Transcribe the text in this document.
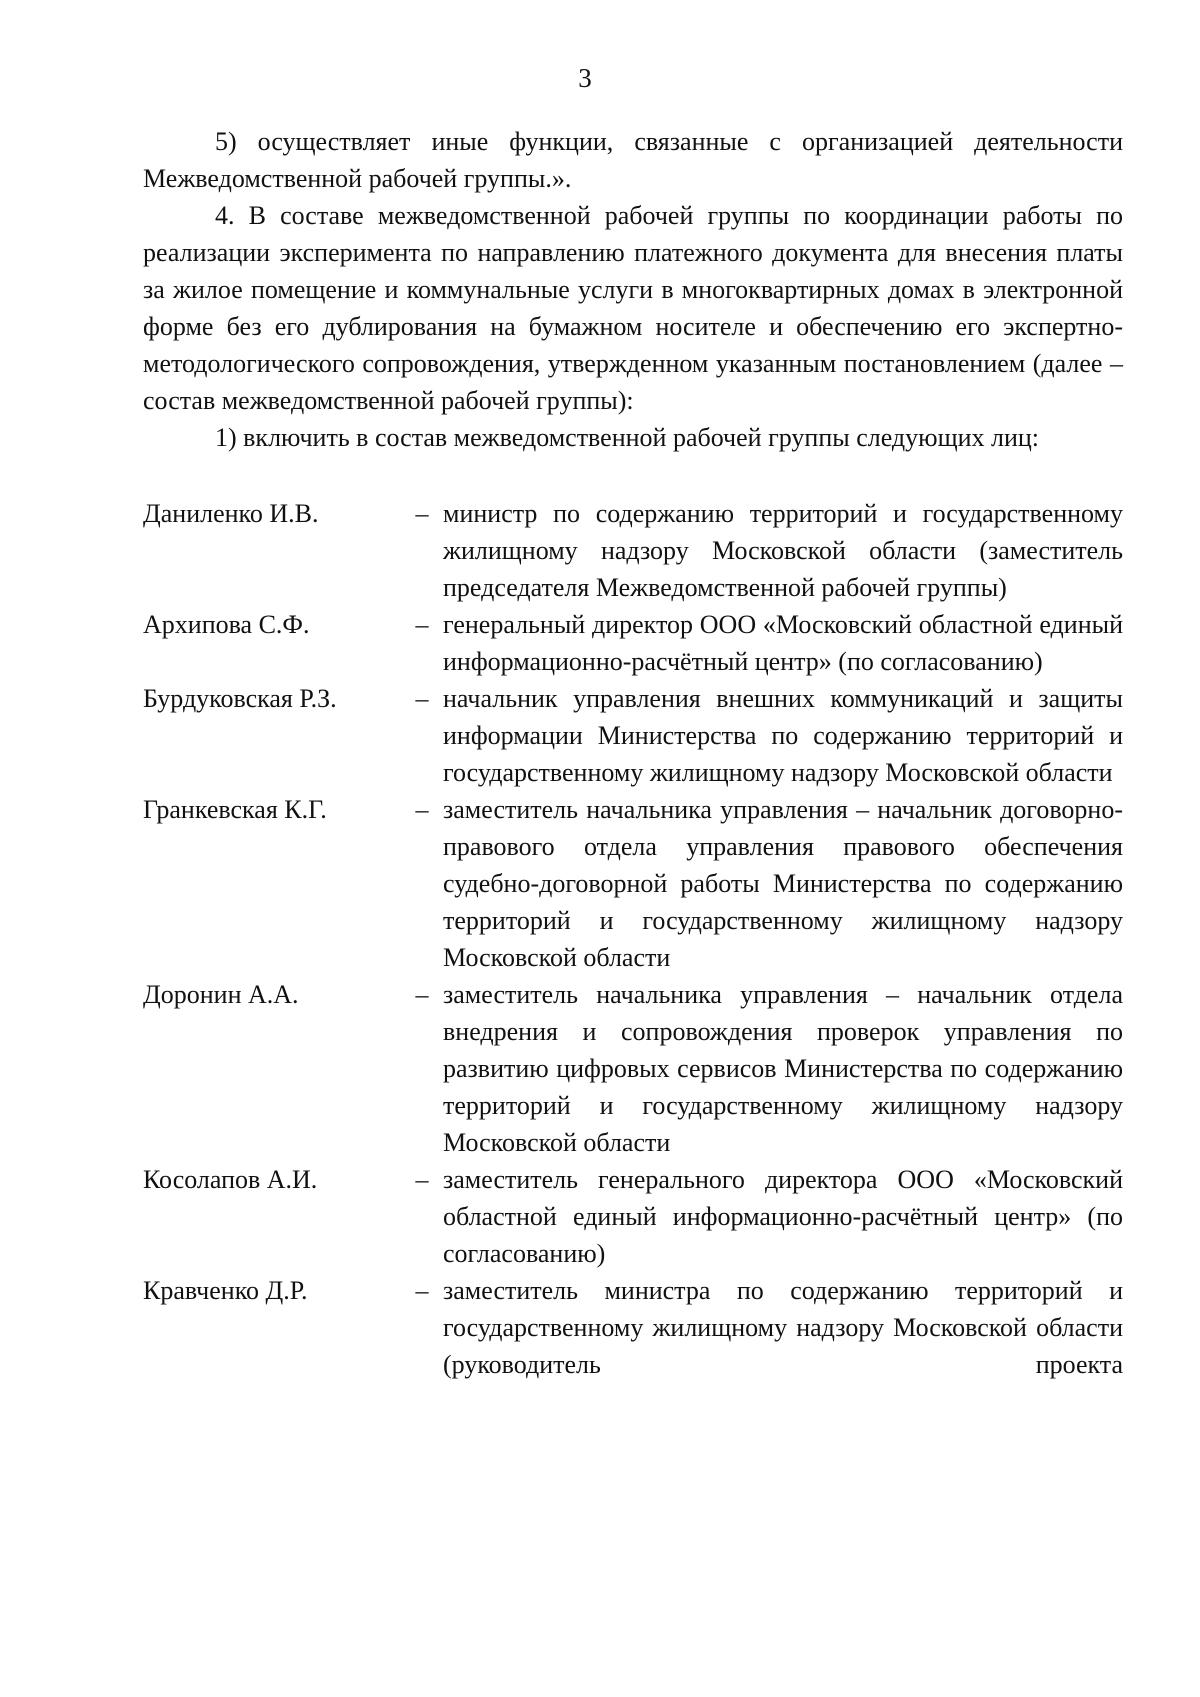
3

5) осуществляет иные функции, связанные с организацией деятельности Межведомственной рабочей группы.».

4. В составе межведомственной рабочей группы по координации работы по реализации эксперимента по направлению платежного документа для внесения платы за жилое помещение и коммунальные услуги в многоквартирных домах в электронной форме без его дублирования на бумажном носителе и обеспечению его экспертно-методологического сопровождения, утвержденном указанным постановлением (далее – состав межведомственной рабочей группы):

1) включить в состав межведомственной рабочей группы следующих лиц:

Даниленко И.В.	– министр по содержанию территорий и государственному жилищному надзору Московской области (заместитель председателя Межведомственной рабочей группы)
Архипова С.Ф.	– генеральный директор ООО «Московский областной единый информационно-расчётный центр» (по согласованию)
Бурдуковская Р.З.	– начальник управления внешних коммуникаций и защиты информации Министерства по содержанию территорий и государственному жилищному надзору Московской области
Гранкевская К.Г.	– заместитель начальника управления – начальник договорно-правового отдела управления правового обеспечения судебно-договорной работы Министерства по содержанию территорий и государственному жилищному надзору Московской области
Доронин А.А.	– заместитель начальника управления – начальник отдела внедрения и сопровождения проверок управления по развитию цифровых сервисов Министерства по содержанию территорий и государственному жилищному надзору Московской области
Косолапов А.И.	– заместитель генерального директора ООО «Московский областной единый информационно-расчётный центр» (по согласованию)
Кравченко Д.Р.	– заместитель министра по содержанию территорий и государственному жилищному надзору Московской области (руководитель проекта
